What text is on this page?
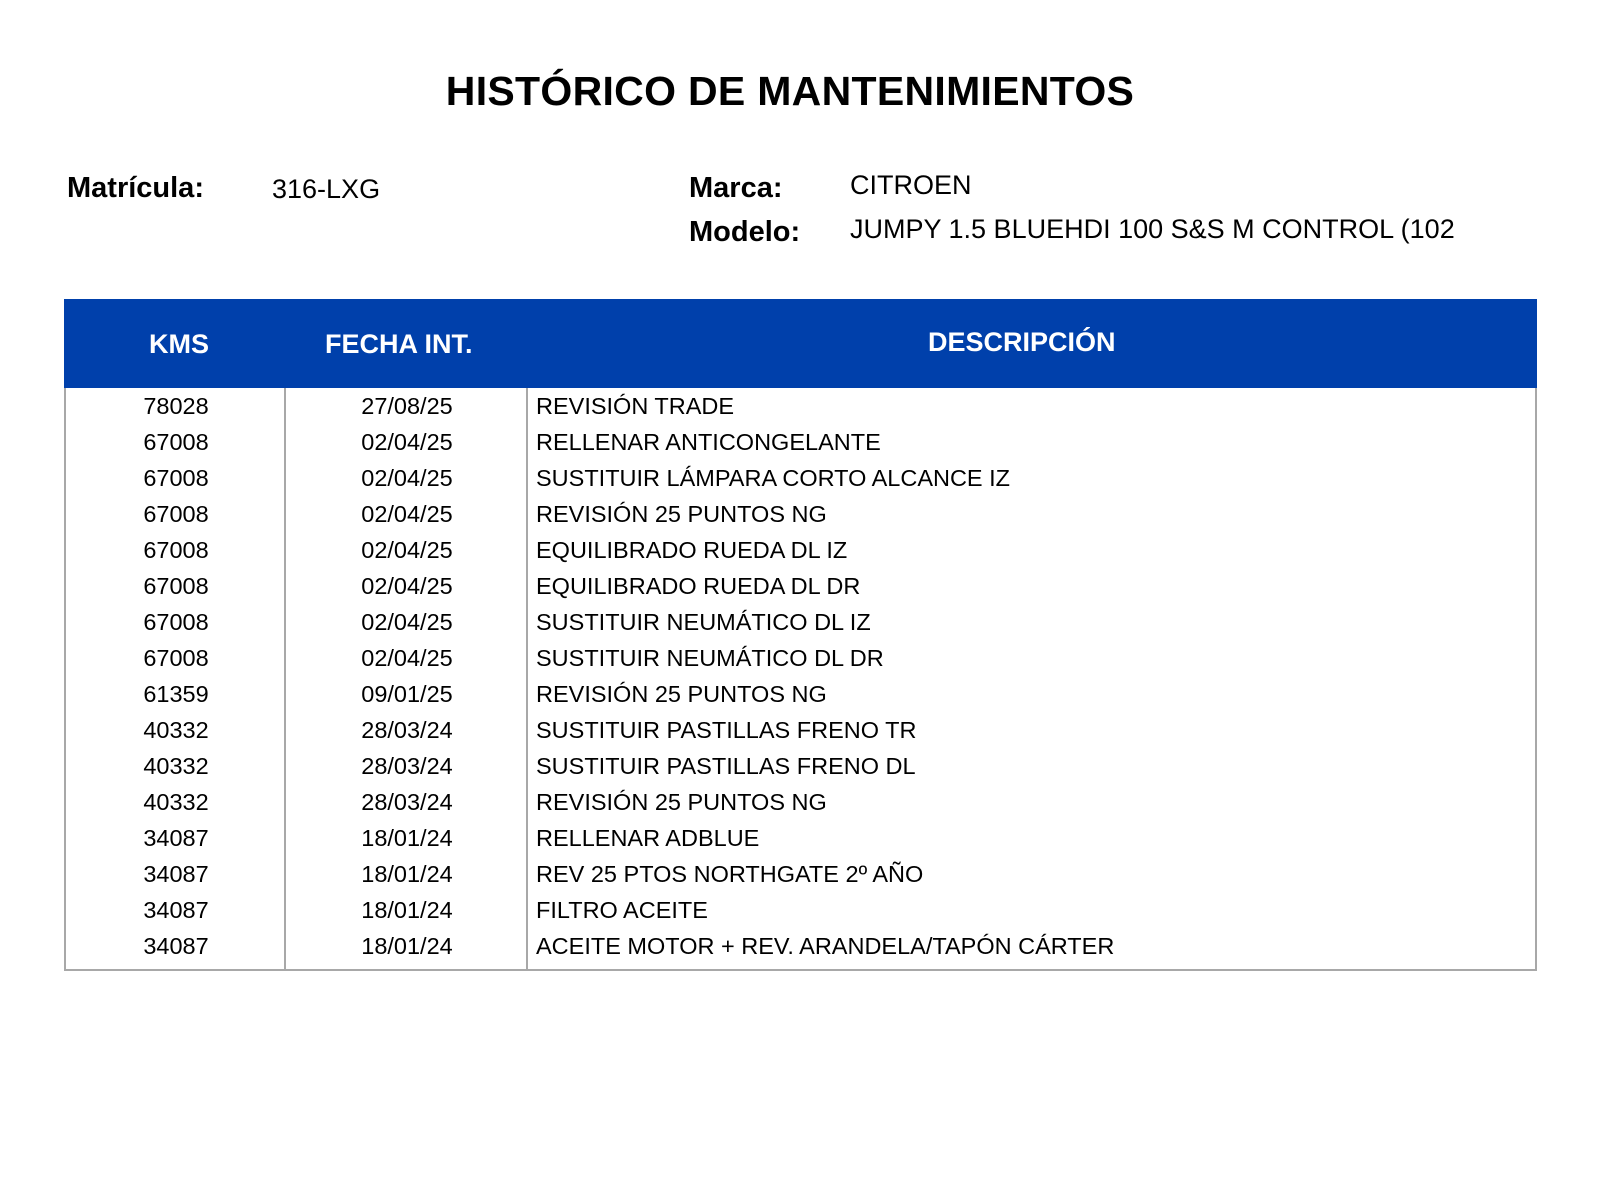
HISTÓRICO DE MANTENIMIENTOS
Matrícula:	316-LXG	Marca:	CITROEN
Modelo: JUMPY 1.5 BLUEHDI 100 S&S M CONTROL (102
KMS	FECHA INT.	DESCRIPCIÓN
78028	27/08/25	REVISIÓN TRADE
67008	02/04/25	RELLENAR ANTICONGELANTE
67008	02/04/25	SUSTITUIR LÁMPARA CORTO ALCANCE IZ
67008	02/04/25	REVISIÓN 25 PUNTOS NG
67008	02/04/25	EQUILIBRADO RUEDA DL IZ
67008	02/04/25	EQUILIBRADO RUEDA DL DR
67008	02/04/25	SUSTITUIR NEUMÁTICO DL IZ
67008	02/04/25	SUSTITUIR NEUMÁTICO DL DR
61359	09/01/25	REVISIÓN 25 PUNTOS NG
40332	28/03/24	SUSTITUIR PASTILLAS FRENO TR
40332	28/03/24	SUSTITUIR PASTILLAS FRENO DL
40332	28/03/24	REVISIÓN 25 PUNTOS NG
34087	18/01/24	RELLENAR ADBLUE
34087	18/01/24	REV 25 PTOS NORTHGATE 2º AÑO
34087	18/01/24	FILTRO ACEITE
34087	18/01/24	ACEITE MOTOR + REV. ARANDELA/TAPÓN CÁRTER
